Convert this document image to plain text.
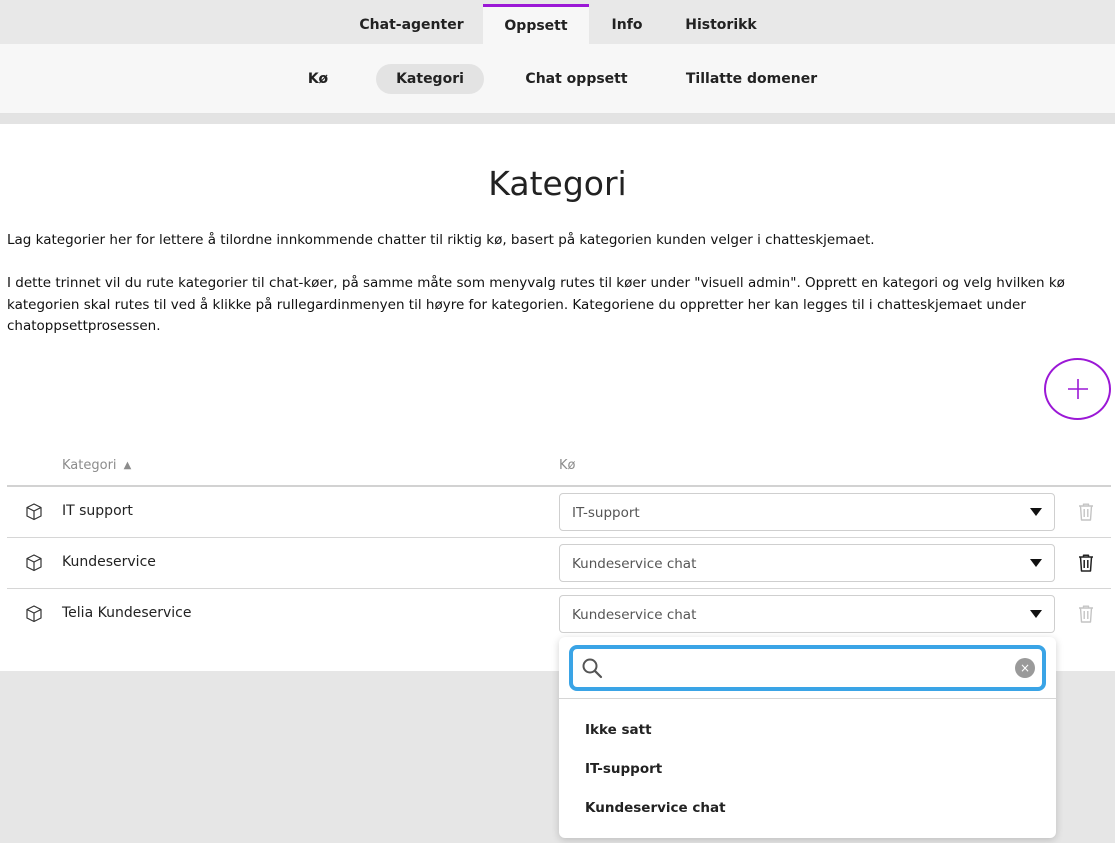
Chat-agenter	Oppsett	Info	Historikk
Kø	Kategori	Chat oppsett	Tillatte domener
Kategori
Lag kategorier her for lettere å tilordne innkommende chatter til riktig kø, basert på kategorien kunden velger i chatteskjemaet.
I dette trinnet vil du rute kategorier til chat-køer, på samme måte som menyvalg rutes til køer under "visuell admin". Opprett en kategori og velg hvilken kø kategorien skal rutes til ved å klikke på rullegardinmenyen til høyre for kategorien. Kategoriene du oppretter her kan legges til i chatteskjemaet under chatoppsettprosessen.
Kategori ▲	Kø
IT support	IT-support
Kundeservice	Kundeservice chat
Telia Kundeservice	Kundeservice chat
×
Ikke satt
IT-support
Kundeservice chat
